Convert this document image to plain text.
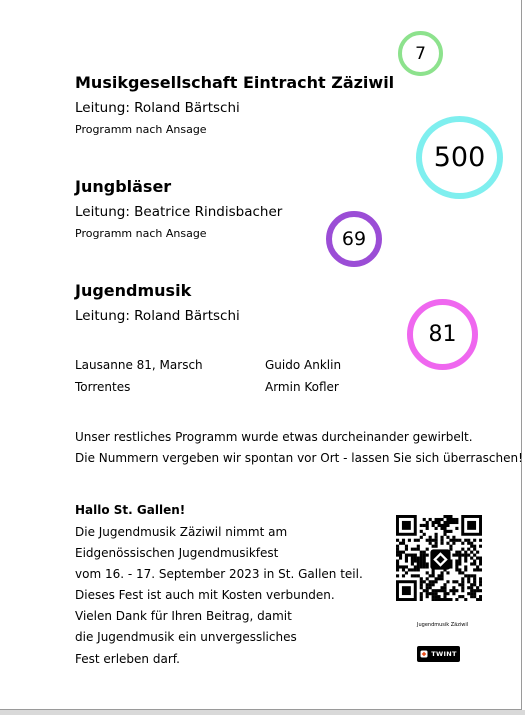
Musikgesellschaft Eintracht Zäziwil
Leitung: Roland Bärtschi
Programm nach Ansage
Jungbläser
Leitung: Beatrice Rindisbacher
Programm nach Ansage
Jugendmusik
Leitung: Roland Bärtschi
Lausanne 81, Marsch	Guido Anklin
Torrentes	Armin Kofler
Unser restliches Programm wurde etwas durcheinander gewirbelt.
Die Nummern vergeben wir spontan vor Ort - lassen Sie sich überraschen!
7
500
69
81
Hallo St. Gallen!
Die Jugendmusik Zäziwil nimmt am
Eidgenössischen Jugendmusikfest
vom 16. - 17. September 2023 in St. Gallen teil.
Dieses Fest ist auch mit Kosten verbunden.
Vielen Dank für Ihren Beitrag, damit
die Jugendmusik ein unvergessliches
Fest erleben darf.
Jugendmusik Zäziwil
TWINT
